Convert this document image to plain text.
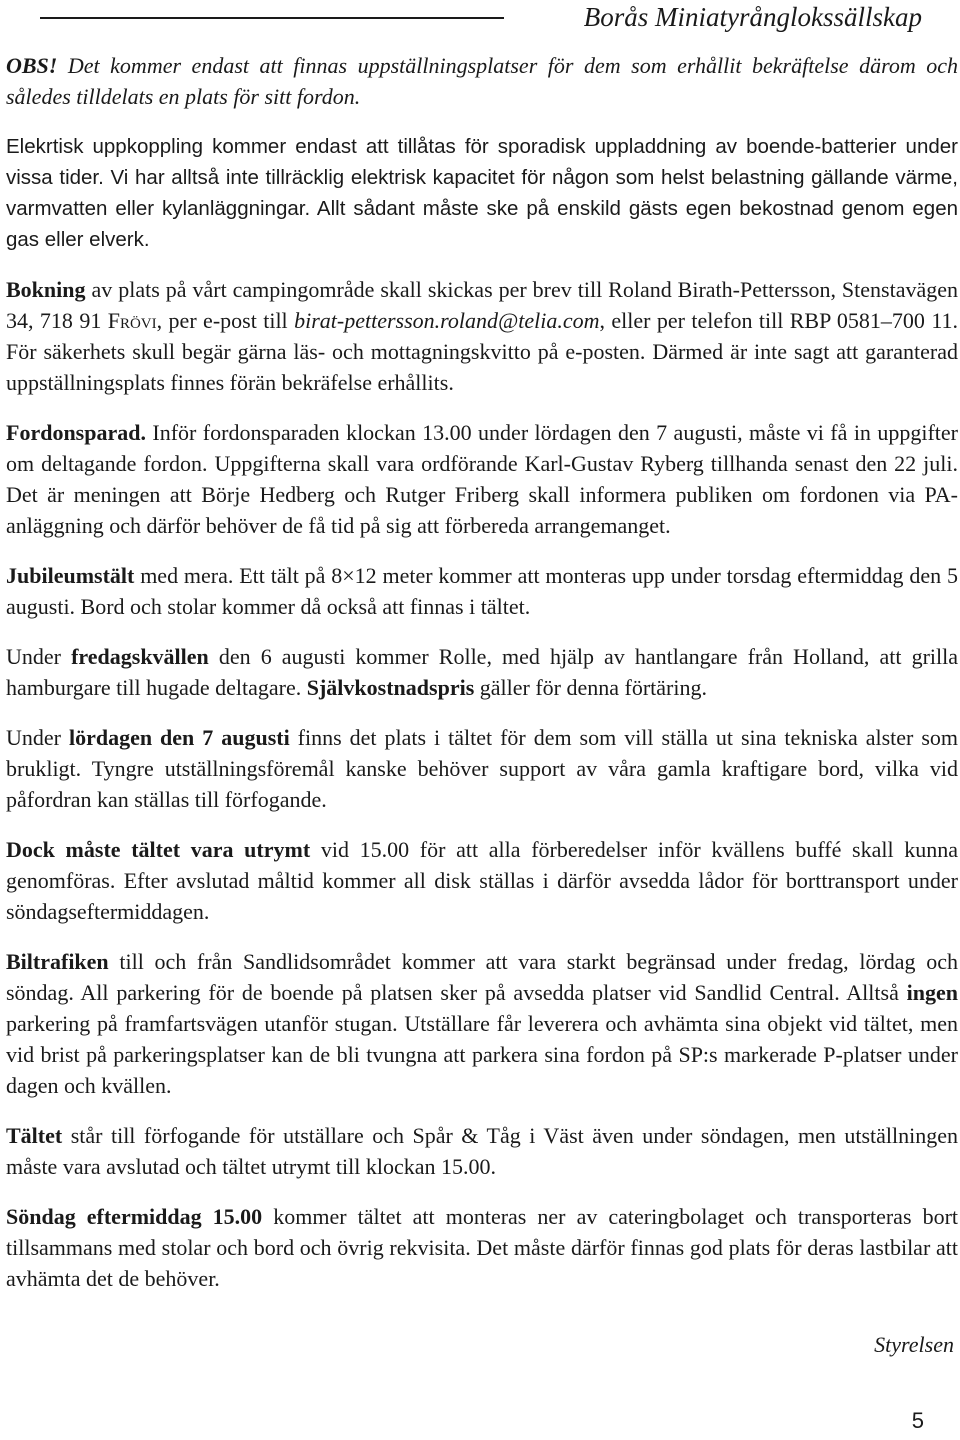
Borås Miniatyrånglokssällskap

OBS! Det kommer endast att finnas uppställningsplatser för dem som erhållit bekräftelse därom och således tilldelats en plats för sitt fordon.

Elekrtisk uppkoppling kommer endast att tillåtas för sporadisk uppladdning av boende-batterier under vissa tider. Vi har alltså inte tillräcklig elektrisk kapacitet för någon som helst belastning gällande värme, varmvatten eller kylanläggningar. Allt sådant måste ske på enskild gästs egen bekostnad genom egen gas eller elverk.

Bokning av plats på vårt campingområde skall skickas per brev till Roland Birath-Pettersson, Stenstavägen 34, 718 91 Frövi, per e-post till birat-pettersson.roland@telia.com, eller per telefon till RBP 0581–700 11. För säkerhets skull begär gärna läs- och mottagningskvitto på e-posten. Därmed är inte sagt att garanterad uppställningsplats finnes förän bekräfelse erhållits.

Fordonsparad. Inför fordonsparaden klockan 13.00 under lördagen den 7 augusti, måste vi få in uppgifter om deltagande fordon. Uppgifterna skall vara ordförande Karl-Gustav Ryberg tillhanda senast den 22 juli. Det är meningen att Börje Hedberg och Rutger Friberg skall informera publiken om fordonen via PA-anläggning och därför behöver de få tid på sig att förbereda arrangemanget.

Jubileumstält med mera. Ett tält på 8×12 meter kommer att monteras upp under torsdag eftermiddag den 5 augusti. Bord och stolar kommer då också att finnas i tältet.

Under fredagskvällen den 6 augusti kommer Rolle, med hjälp av hantlangare från Holland, att grilla hamburgare till hugade deltagare. Självkostnadspris gäller för denna förtäring.

Under lördagen den 7 augusti finns det plats i tältet för dem som vill ställa ut sina tekniska alster som brukligt. Tyngre utställningsföremål kanske behöver support av våra gamla kraftigare bord, vilka vid påfordran kan ställas till förfogande.

Dock måste tältet vara utrymt vid 15.00 för att alla förberedelser inför kvällens buffé skall kunna genomföras. Efter avslutad måltid kommer all disk ställas i därför avsedda lådor för borttransport under söndagseftermiddagen.

Biltrafiken till och från Sandlidsområdet kommer att vara starkt begränsad under fredag, lördag och söndag. All parkering för de boende på platsen sker på avsedda platser vid Sandlid Central. Alltså ingen parkering på framfartsvägen utanför stugan. Utställare får leverera och avhämta sina objekt vid tältet, men vid brist på parkeringsplatser kan de bli tvungna att parkera sina fordon på SP:s markerade P-platser under dagen och kvällen.

Tältet står till förfogande för utställare och Spår & Tåg i Väst även under söndagen, men utställningen måste vara avslutad och tältet utrymt till klockan 15.00.

Söndag eftermiddag 15.00 kommer tältet att monteras ner av cateringbolaget och transporteras bort tillsammans med stolar och bord och övrig rekvisita. Det måste därför finnas god plats för deras lastbilar att avhämta det de behöver.

Styrelsen
5
